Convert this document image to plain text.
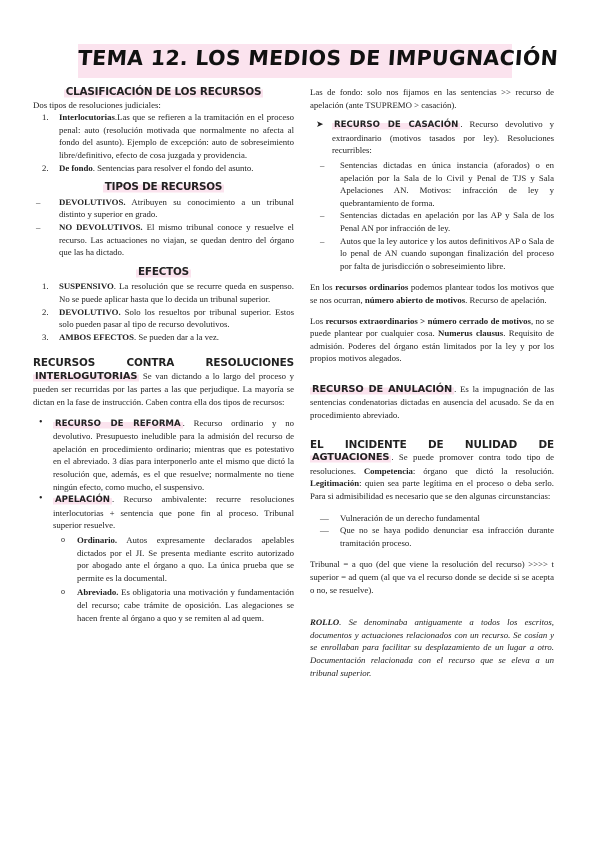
TEMA 12. LOS MEDIOS DE IMPUGNACIÓN
CLASIFICACIÓN DE LOS RECURSOS

Dos tipos de resoluciones judiciales:

1. Interlocutorias.Las que se refieren a la tramitación en el proceso penal: auto (resolución motivada que normalmente no afecta al fondo del asunto). Ejemplo de excepción: auto de sobreseimiento libre/definitivo, efecto de cosa juzgada y providencia.
2. De fondo. Sentencias para resolver el fondo del asunto.
TIPOS DE RECURSOS
– DEVOLUTIVOS. Atribuyen su conocimiento a un tribunal distinto y superior en grado.
– NO DEVOLUTIVOS. El mismo tribunal conoce y resuelve el recurso. Las actuaciones no viajan, se quedan dentro del órgano que las ha dictado.
EFECTOS
1. SUSPENSIVO. La resolución que se recurre queda en suspenso. No se puede aplicar hasta que lo decida un tribunal superior.
2. DEVOLUTIVO. Solo los resueltos por tribunal superior. Estos solo pueden pasar al tipo de recurso devolutivos.
3. AMBOS EFECTOS. Se pueden dar a la vez.
RECURSOS CONTRA RESOLUCIONES

INTERLOGUTORIAS Se van dictando a lo largo del proceso y pueden ser recurridas por las partes a las que perjudique. La mayoría se dictan en la fase de instrucción. Caben contra ella dos tipos de recursos:

• RECURSO DE REFORMA . Recurso ordinario y no devolutivo. Presupuesto ineludible para la admisión del recurso de apelación en procedimiento ordinario; mientras que es potestativo en el abreviado. 3 días para interponerlo ante el mismo que dictó la resolución que, además, es el que resuelve; normalmente no tiene ningún efecto, como mucho, el suspensivo.
• APELACIÓN . Recurso ambivalente: recurre resoluciones interlocutorias + sentencia que pone fin al proceso. Tribunal superior resuelve.
o Ordinario. Autos expresamente declarados apelables dictados por el JI. Se presenta mediante escrito autorizado por abogado ante el órgano a quo. La única prueba que se permite es la documental.
o Abreviado. Es obligatoria una motivación y fundamentación del recurso; cabe trámite de oposición. Las alegaciones se hacen frente al órgano a quo y se remiten al ad quem.

Las de fondo: solo nos fijamos en las sentencias >> recurso de apelación (ante TSUPREMO > casación).

➤ RECURSO DE CASACIÓN . Recurso devolutivo y extraordinario (motivos tasados por ley). Resoluciones recurribles:
– Sentencias dictadas en única instancia (aforados) o en apelación por la Sala de lo Civil y Penal de TJS y Sala Apelaciones AN. Motivos: infracción de ley y quebrantamiento de forma.
– Sentencias dictadas en apelación por las AP y Sala de los Penal AN por infracción de ley.
– Autos que la ley autorice y los autos definitivos AP o Sala de lo penal de AN cuando supongan finalización del proceso por falta de jurisdicción o sobreseimiento libre.

En los recursos ordinarios podemos plantear todos los motivos que se nos ocurran, número abierto de motivos. Recurso de apelación.

Los recursos extraordinarios > número cerrado de motivos, no se puede plantear por cualquier cosa. Numerus clausus. Requisito de admisión. Poderes del órgano están limitados por la ley y por los propios motivos alegados.

RECURSO DE ANULACIÓN . Es la impugnación de las sentencias condenatorias dictadas en ausencia del acusado. Se da en procedimiento abreviado.

EL INCIDENTE DE NULIDAD DE

AGTUACIONES . Se puede promover contra todo tipo de resoluciones. Competencia: órgano que dictó la resolución. Legitimación: quien sea parte legítima en el proceso o deba serlo. Para si admisibilidad es necesario que se den algunas circunstancias:

— Vulneración de un derecho fundamental
— Que no se haya podido denunciar esa infracción durante tramitación proceso.

Tribunal = a quo (del que viene la resolución del recurso) >>>> t superior = ad quem (al que va el recurso donde se decide si se acepta o no, se resuelve).

ROLLO. Se denominaba antiguamente a todos los escritos, documentos y actuaciones relacionados con un recurso. Se cosían y se enrollaban para facilitar su desplazamiento de un lugar a otro. Documentación relacionada con el recurso que se eleva a un tribunal superior.
